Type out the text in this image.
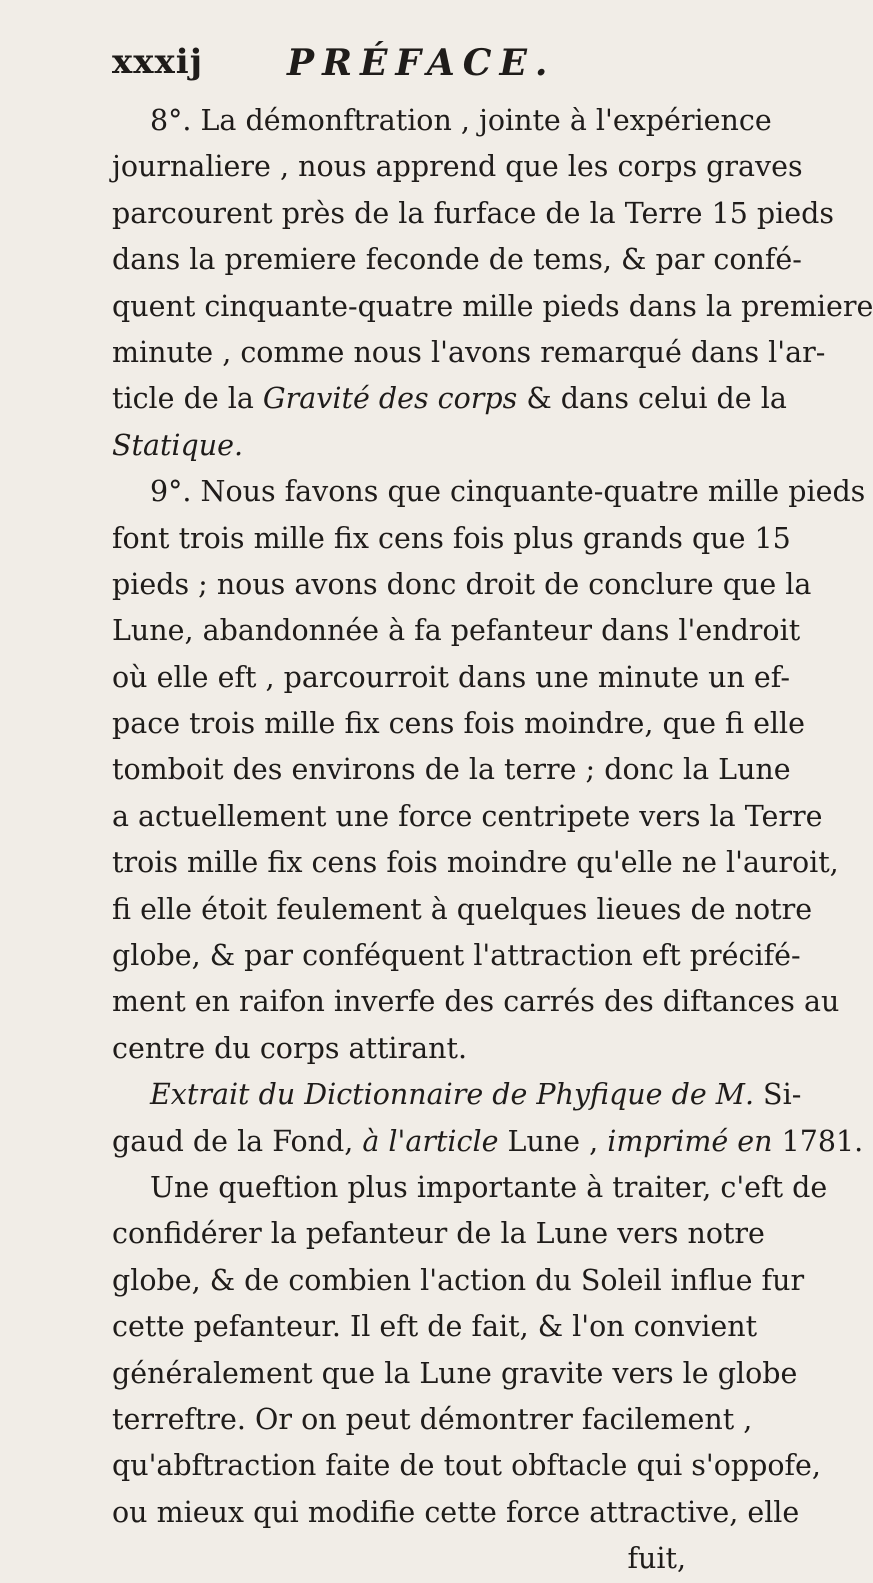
xxxij PRÉFACE.
8°. La démonftration , jointe à l'expérience
journaliere , nous apprend que les corps graves
parcourent près de la furface de la Terre 15 pieds
dans la premiere feconde de tems, & par confé-
quent cinquante-quatre mille pieds dans la premiere
minute , comme nous l'avons remarqué dans l'ar-
ticle de la Gravité des corps & dans celui de la
Statique.
9°. Nous favons que cinquante-quatre mille pieds
font trois mille fix cens fois plus grands que 15
pieds ; nous avons donc droit de conclure que la
Lune, abandonnée à fa pefanteur dans l'endroit
où elle eft , parcourroit dans une minute un ef-
pace trois mille fix cens fois moindre, que fi elle
tomboit des environs de la terre ; donc la Lune
a actuellement une force centripete vers la Terre
trois mille fix cens fois moindre qu'elle ne l'auroit,
fi elle étoit feulement à quelques lieues de notre
globe, & par conféquent l'attraction eft précifé-
ment en raifon inverfe des carrés des diftances au
centre du corps attirant.
Extrait du Dictionnaire de Phyfique de M. Si-
gaud de la Fond, à l'article Lune , imprimé en 1781.
Une queftion plus importante à traiter, c'eft de
confidérer la pefanteur de la Lune vers notre
globe, & de combien l'action du Soleil influe fur
cette pefanteur. Il eft de fait, & l'on convient
généralement que la Lune gravite vers le globe
terreftre. Or on peut démontrer facilement ,
qu'abftraction faite de tout obftacle qui s'oppofe,
ou mieux qui modifie cette force attractive, elle
fuit,
